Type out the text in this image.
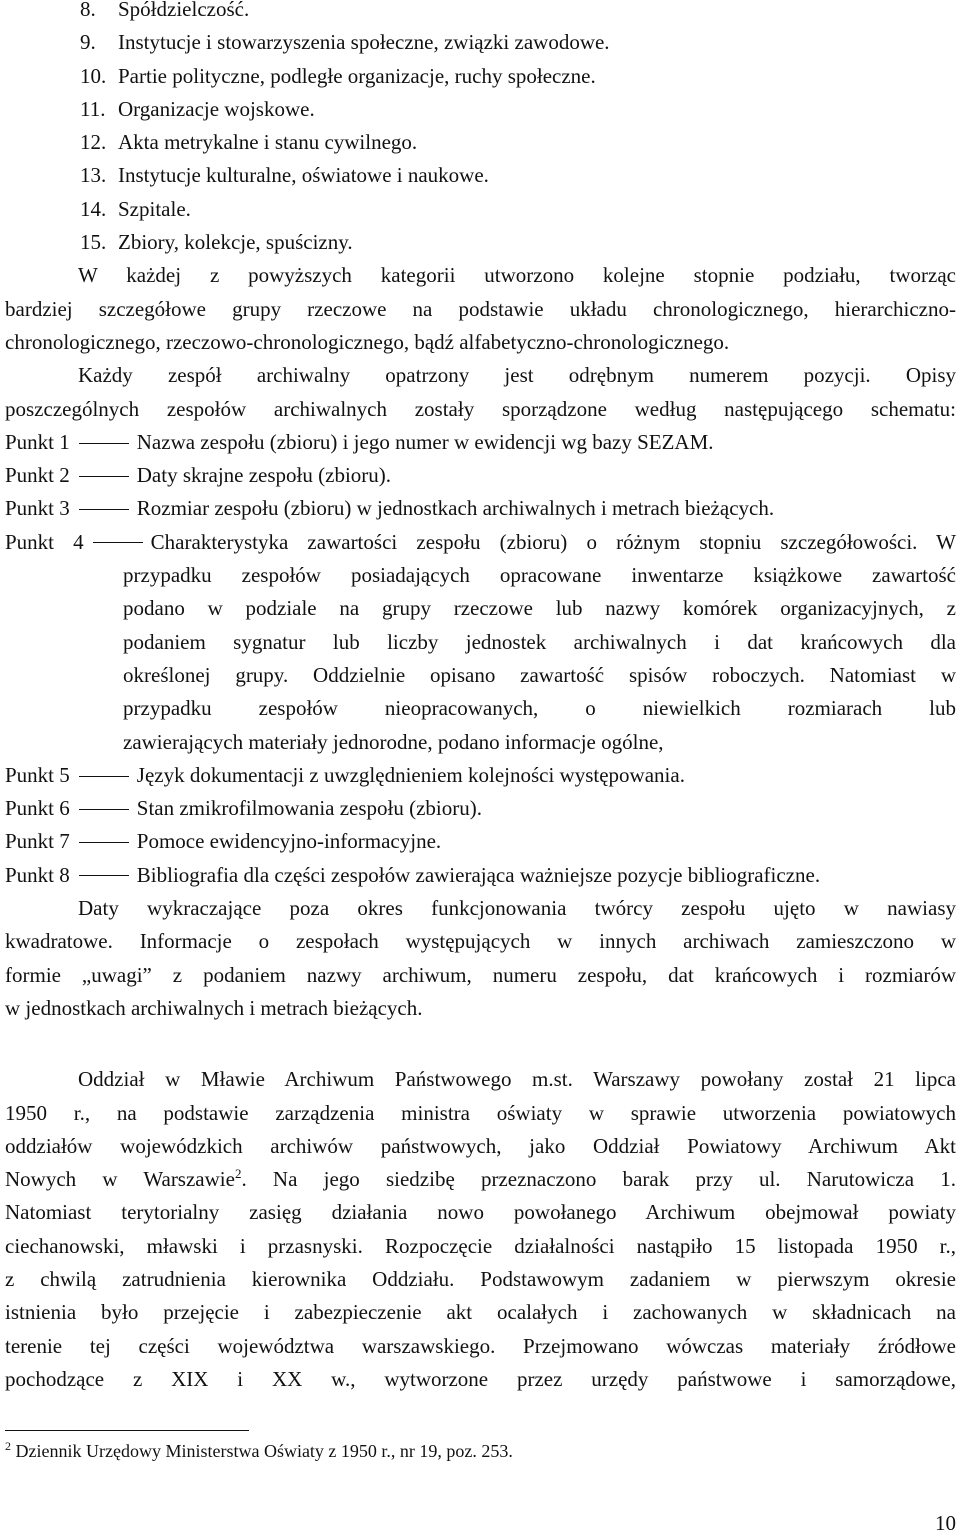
8. Spółdzielczość.
9. Instytucje i stowarzyszenia społeczne, związki zawodowe.
10. Partie polityczne, podległe organizacje, ruchy społeczne.
11. Organizacje wojskowe.
12. Akta metrykalne i stanu cywilnego.
13. Instytucje kulturalne, oświatowe i naukowe.
14. Szpitale.
15. Zbiory, kolekcje, spuścizny.
W każdej z powyższych kategorii utworzono kolejne stopnie podziału, tworząc
bardziej szczegółowe grupy rzeczowe na podstawie układu chronologicznego, hierarchiczno-
chronologicznego, rzeczowo-chronologicznego, bądź alfabetyczno-chronologicznego.
Każdy zespół archiwalny opatrzony jest odrębnym numerem pozycji. Opisy
poszczególnych zespołów archiwalnych zostały sporządzone według następującego schematu:
Punkt 1	Nazwa zespołu (zbioru) i jego numer w ewidencji wg bazy SEZAM.
Punkt 2	Daty skrajne zespołu (zbioru).
Punkt 3	Rozmiar zespołu (zbioru) w jednostkach archiwalnych i metrach bieżących.
Punkt 4	Charakterystyka zawartości zespołu (zbioru) o różnym stopniu szczegółowości. W
przypadku zespołów posiadających opracowane inwentarze książkowe zawartość
podano w podziale na grupy rzeczowe lub nazwy komórek organizacyjnych, z
podaniem sygnatur lub liczby jednostek archiwalnych i dat krańcowych dla
określonej grupy. Oddzielnie opisano zawartość spisów roboczych. Natomiast w
przypadku zespołów nieopracowanych, o niewielkich rozmiarach lub
zawierających materiały jednorodne, podano informacje ogólne,
Punkt 5	Język dokumentacji z uwzględnieniem kolejności występowania.
Punkt 6	Stan zmikrofilmowania zespołu (zbioru).
Punkt 7	Pomoce ewidencyjno-informacyjne.
Punkt 8	Bibliografia dla części zespołów zawierająca ważniejsze pozycje bibliograficzne.
Daty wykraczające poza okres funkcjonowania twórcy zespołu ujęto w nawiasy
kwadratowe. Informacje o zespołach występujących w innych archiwach zamieszczono w
formie „uwagi” z podaniem nazwy archiwum, numeru zespołu, dat krańcowych i rozmiarów
w jednostkach archiwalnych i metrach bieżących.
Oddział w Mławie Archiwum Państwowego m.st. Warszawy powołany został 21 lipca
1950 r., na podstawie zarządzenia ministra oświaty w sprawie utworzenia powiatowych
oddziałów wojewódzkich archiwów państwowych, jako Oddział Powiatowy Archiwum Akt
Nowych w Warszawie$^2$. Na jego siedzibę przeznaczono barak przy ul. Narutowicza 1.
Natomiast terytorialny zasięg działania nowo powołanego Archiwum obejmował powiaty
ciechanowski, mławski i przasnyski. Rozpoczęcie działalności nastąpiło 15 listopada 1950 r.,
z chwilą zatrudnienia kierownika Oddziału. Podstawowym zadaniem w pierwszym okresie
istnienia było przejęcie i zabezpieczenie akt ocalałych i zachowanych w składnicach na
terenie tej części województwa warszawskiego. Przejmowano wówczas materiały źródłowe
pochodzące z XIX i XX w., wytworzone przez urzędy państwowe i samorządowe,
$^2$ Dziennik Urzędowy Ministerstwa Oświaty z 1950 r., nr 19, poz. 253.
10
